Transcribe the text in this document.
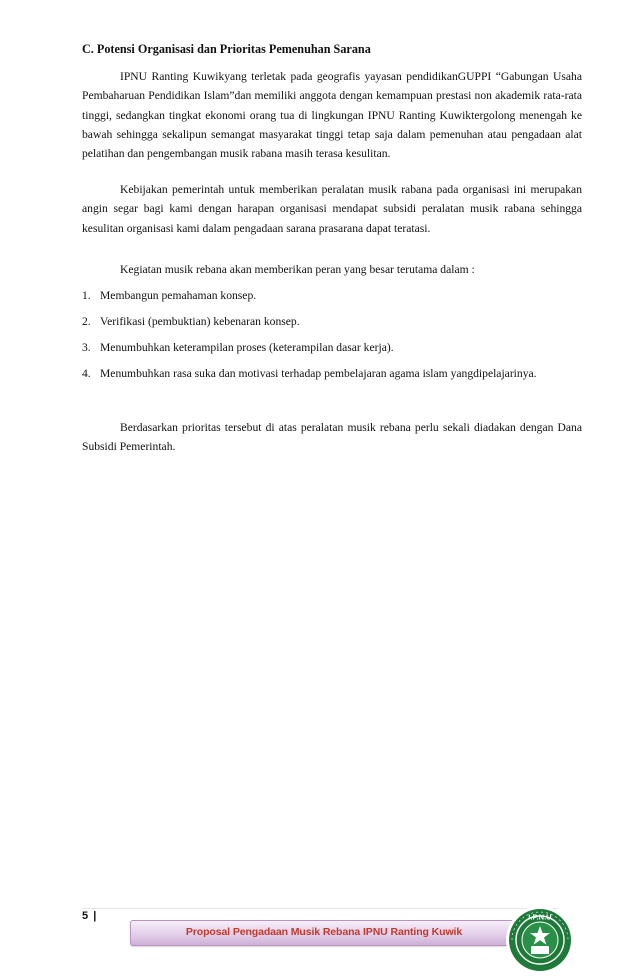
C. Potensi Organisasi dan Prioritas Pemenuhan Sarana

IPNU Ranting Kuwikyang terletak pada geografis yayasan pendidikanGUPPI “Gabungan Usaha Pembaharuan Pendidikan Islam”dan memiliki anggota dengan kemampuan prestasi non akademik rata-rata tinggi, sedangkan tingkat ekonomi orang tua di lingkungan IPNU Ranting Kuwiktergolong menengah ke bawah sehingga sekalipun semangat masyarakat tinggi tetap saja dalam pemenuhan atau pengadaan alat pelatihan dan pengembangan musik rabana masih terasa kesulitan.

Kebijakan pemerintah untuk memberikan peralatan musik rabana pada organisasi ini merupakan angin segar bagi kami dengan harapan organisasi mendapat subsidi peralatan musik rabana sehingga kesulitan organisasi kami dalam pengadaan sarana prasarana dapat teratasi.

Kegiatan musik rebana akan memberikan peran yang besar terutama dalam :

1. Membangun pemahaman konsep.
2. Verifikasi (pembuktian) kebenaran konsep.
3. Menumbuhkan keterampilan proses (keterampilan dasar kerja).
4. Menumbuhkan rasa suka dan motivasi terhadap pembelajaran agama islam yangdipelajarinya.

Berdasarkan prioritas tersebut di atas peralatan musik rebana perlu sekali diadakan dengan Dana Subsidi Pemerintah.

5 |
Proposal Pengadaan Musik Rebana IPNU Ranting Kuwik
I.P.N.U
